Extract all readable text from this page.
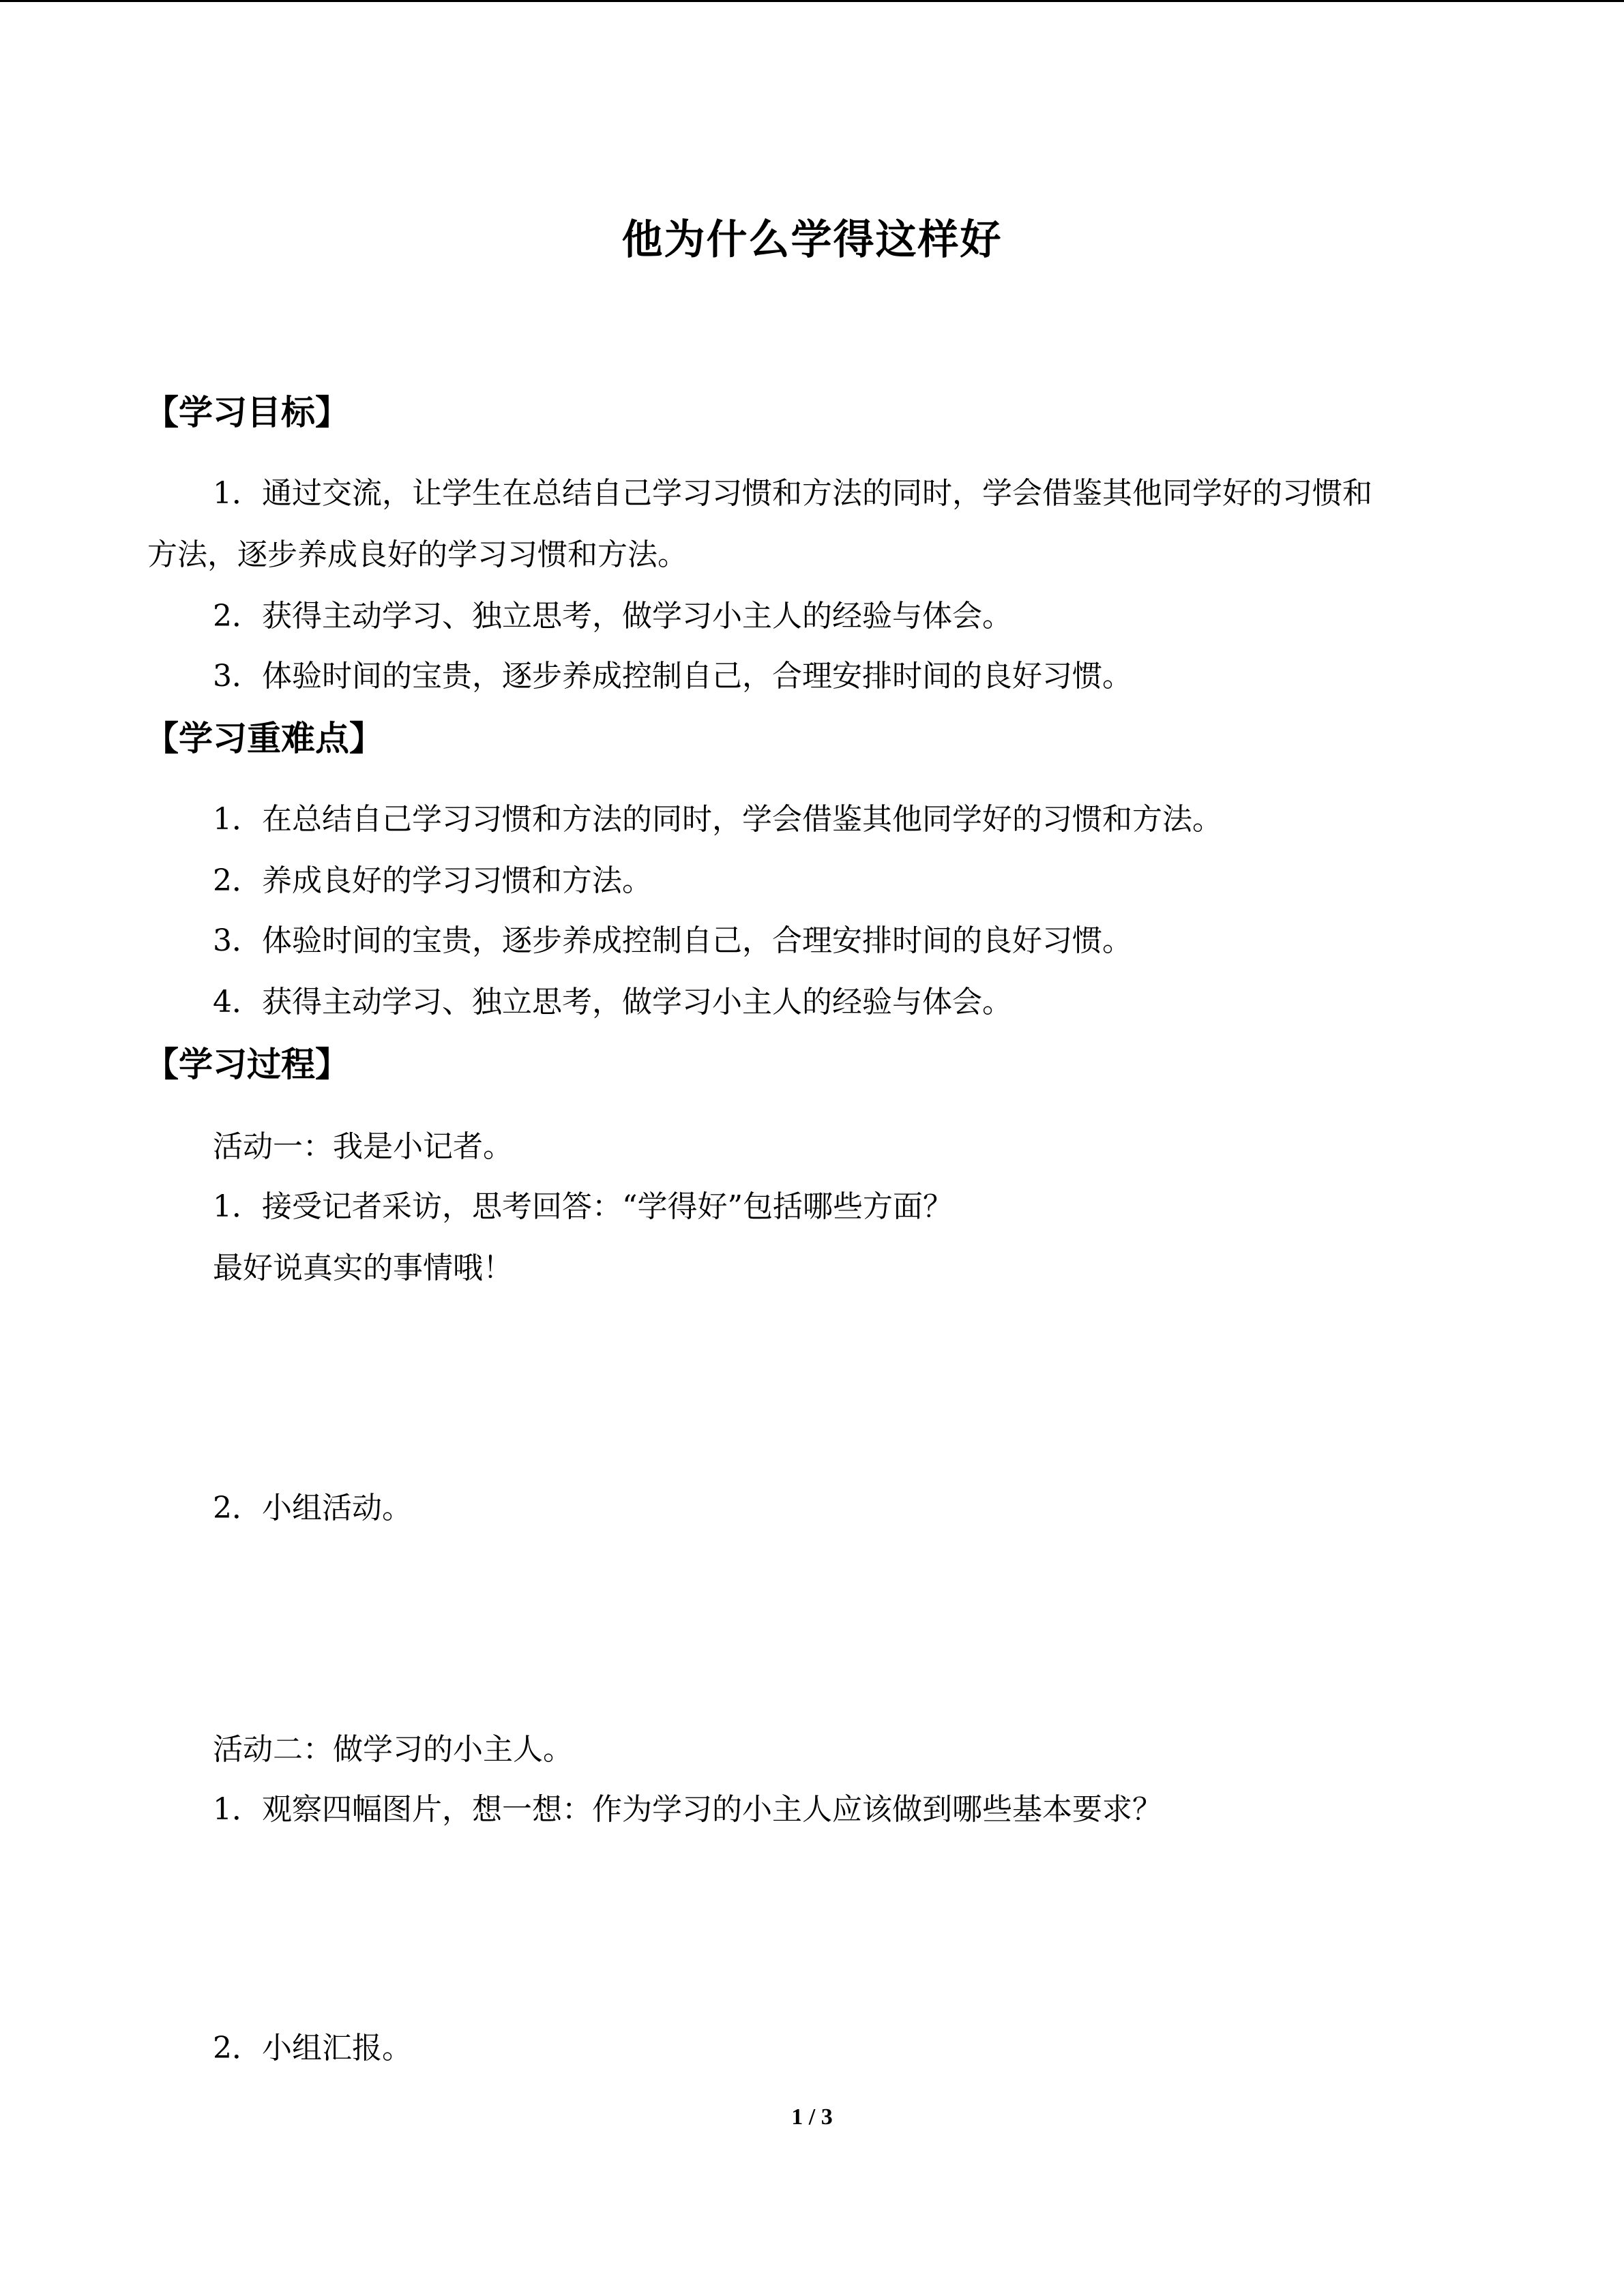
他为什么学得这样好
【学习目标】
1．通过交流，让学生在总结自己学习习惯和方法的同时，学会借鉴其他同学好的习惯和
方法，逐步养成良好的学习习惯和方法。
2．获得主动学习、独立思考，做学习小主人的经验与体会。
3．体验时间的宝贵，逐步养成控制自己，合理安排时间的良好习惯。
【学习重难点】
1．在总结自己学习习惯和方法的同时，学会借鉴其他同学好的习惯和方法。
2．养成良好的学习习惯和方法。
3．体验时间的宝贵，逐步养成控制自己，合理安排时间的良好习惯。
4．获得主动学习、独立思考，做学习小主人的经验与体会。
【学习过程】
活动一：我是小记者。
1．接受记者采访，思考回答：“学得好”包括哪些方面？
最好说真实的事情哦！
2．小组活动。
活动二：做学习的小主人。
1．观察四幅图片，想一想：作为学习的小主人应该做到哪些基本要求？
2．小组汇报。
1 / 3
